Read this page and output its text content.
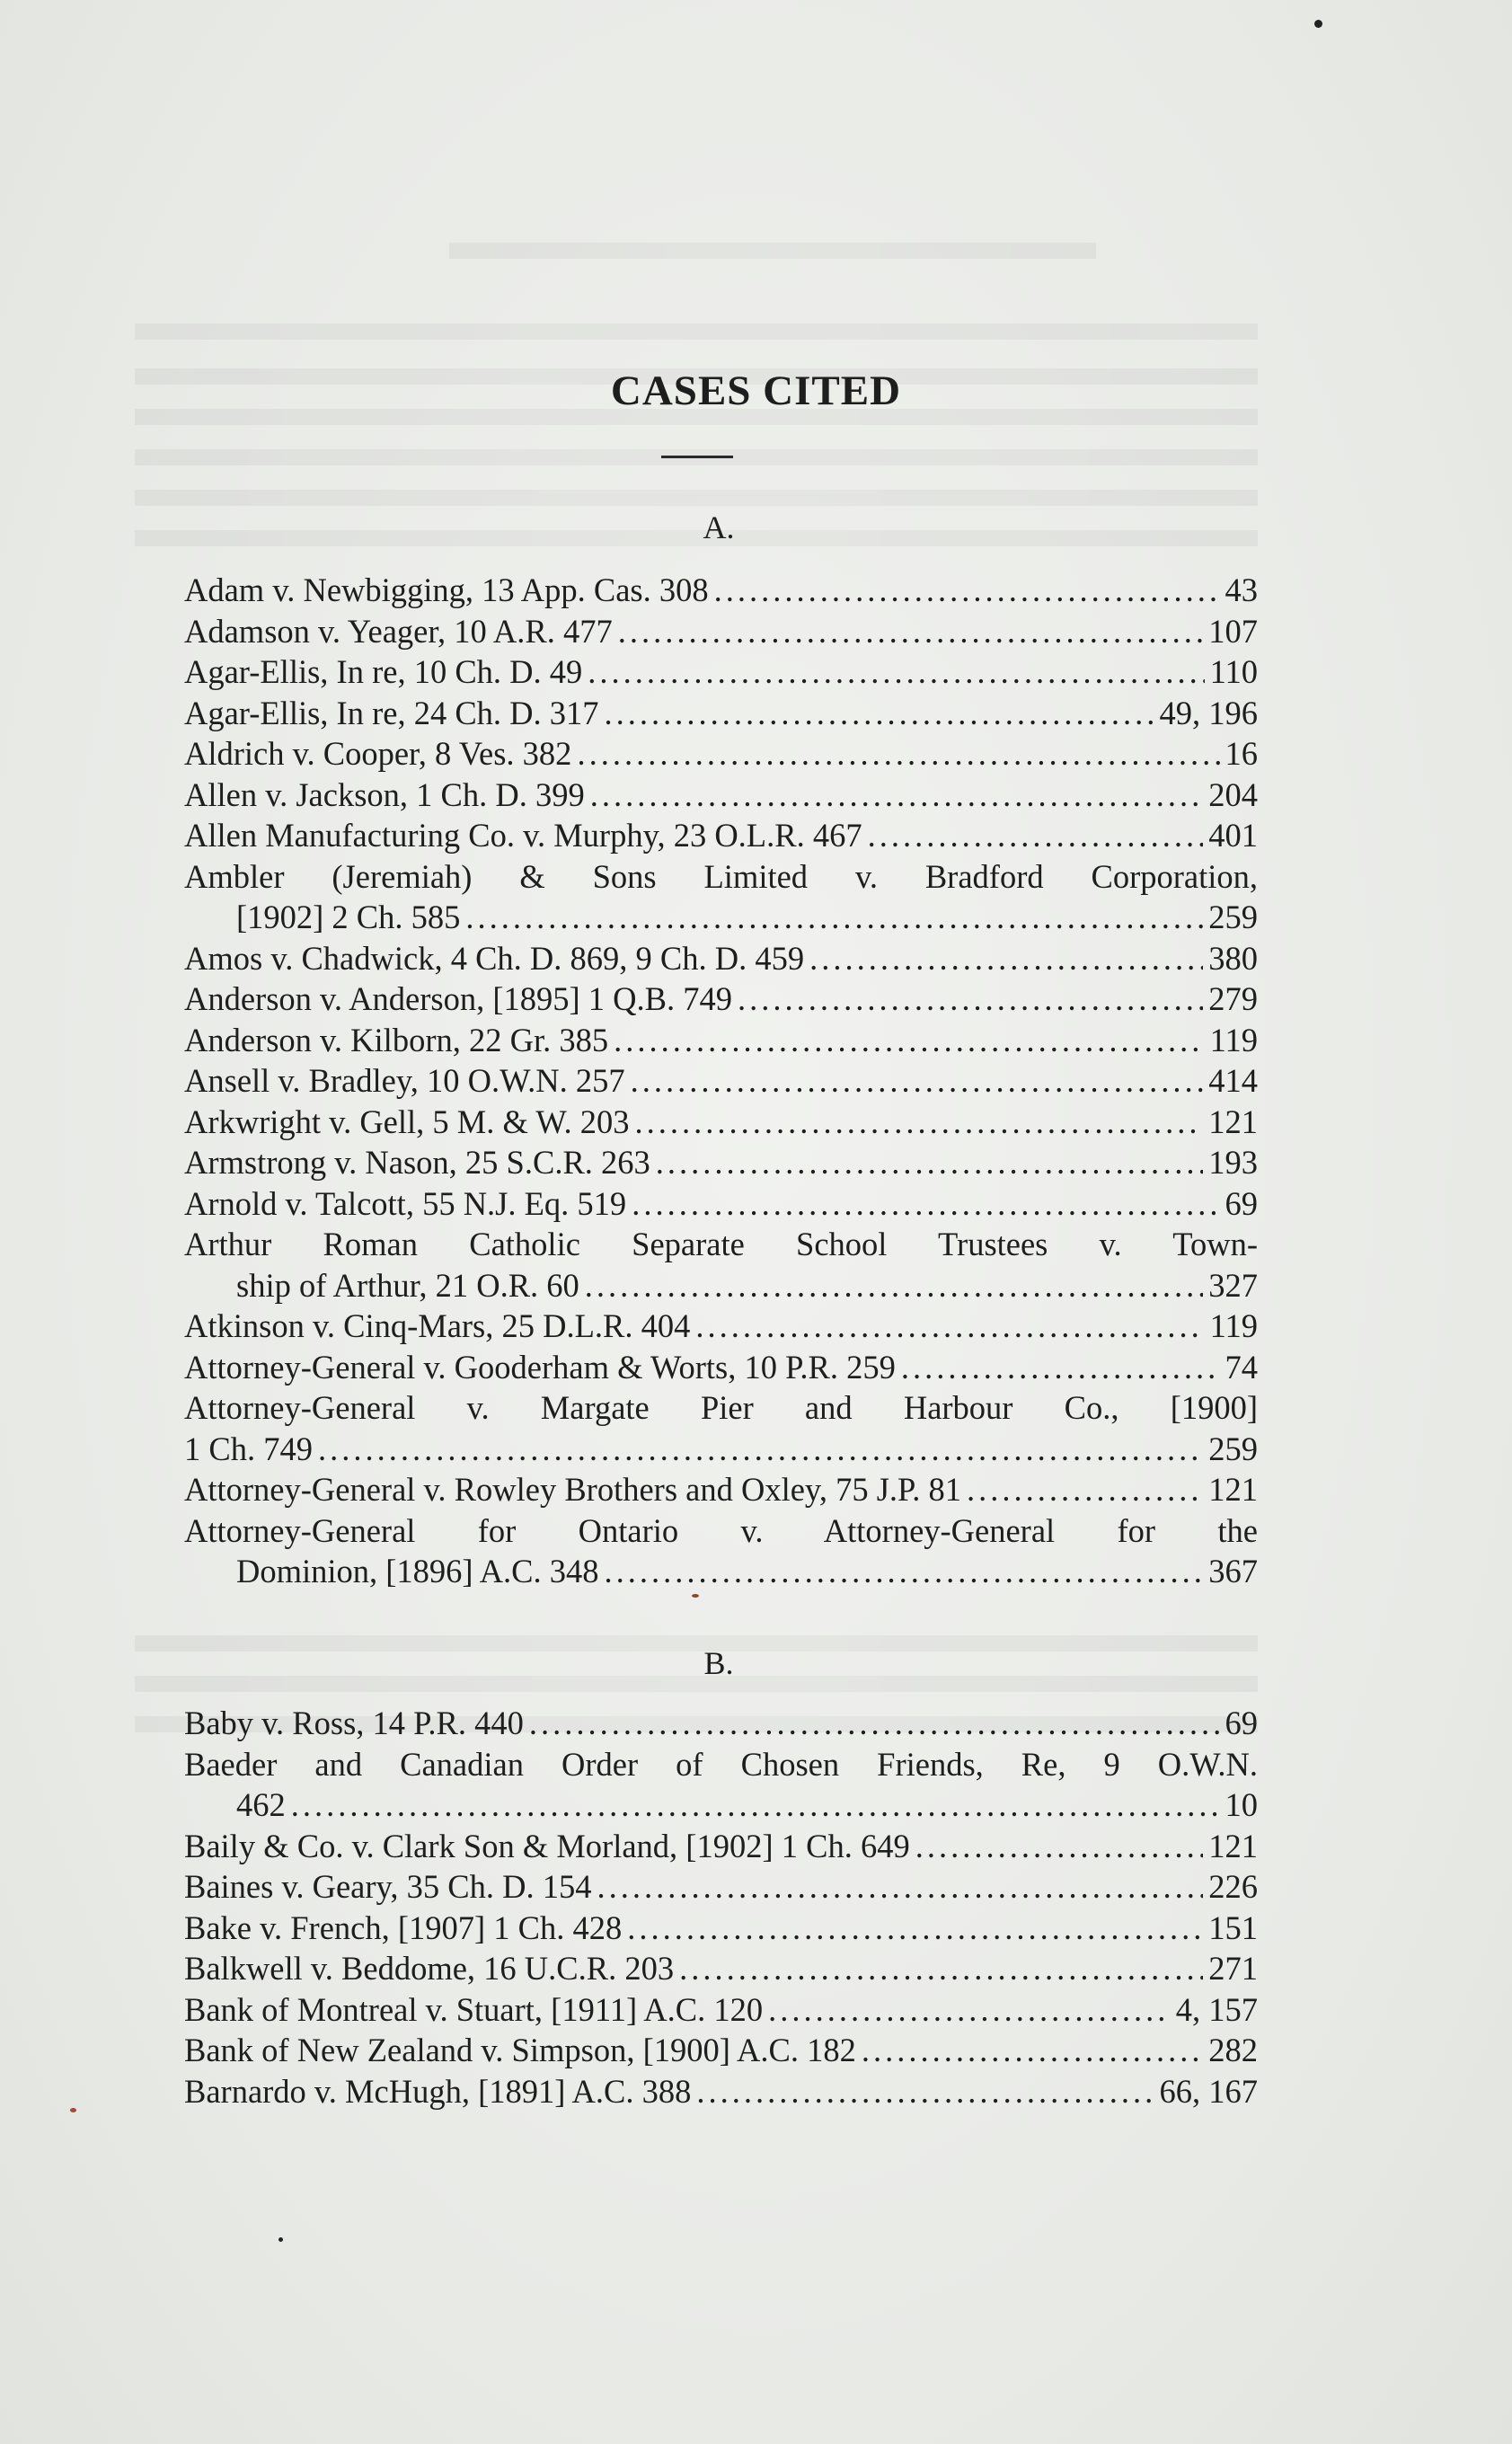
CASES CITED
A.
Adam v. Newbigging, 13 App. Cas. 308 .....	43
Adamson v. Yeager, 10 A.R. 477 .....	107
Agar-Ellis, In re, 10 Ch. D. 49 .....	110
Agar-Ellis, In re, 24 Ch. D. 317 .....	49, 196
Aldrich v. Cooper, 8 Ves. 382 .....	16
Allen v. Jackson, 1 Ch. D. 399 .....	204
Allen Manufacturing Co. v. Murphy, 23 O.L.R. 467 .....	401
Ambler (Jeremiah) & Sons Limited v. Bradford Corporation,
[1902] 2 Ch. 585 .....	259
Amos v. Chadwick, 4 Ch. D. 869, 9 Ch. D. 459 .....	380
Anderson v. Anderson, [1895] 1 Q.B. 749 .....	279
Anderson v. Kilborn, 22 Gr. 385 .....	119
Ansell v. Bradley, 10 O.W.N. 257 .....	414
Arkwright v. Gell, 5 M. & W. 203 .....	121
Armstrong v. Nason, 25 S.C.R. 263 .....	193
Arnold v. Talcott, 55 N.J. Eq. 519 .....	69
Arthur Roman Catholic Separate School Trustees v. Town-
ship of Arthur, 21 O.R. 60 .....	327
Atkinson v. Cinq-Mars, 25 D.L.R. 404 .....	119
Attorney-General v. Gooderham & Worts, 10 P.R. 259 .....	74
Attorney-General v. Margate Pier and Harbour Co., [1900]
1 Ch. 749 .....	259
Attorney-General v. Rowley Brothers and Oxley, 75 J.P. 81 .....	121
Attorney-General for Ontario v. Attorney-General for the
Dominion, [1896] A.C. 348 .....	367
B.
Baby v. Ross, 14 P.R. 440 .....	69
Baeder and Canadian Order of Chosen Friends, Re, 9 O.W.N.
462 .....	10
Baily & Co. v. Clark Son & Morland, [1902] 1 Ch. 649 .....	121
Baines v. Geary, 35 Ch. D. 154 .....	226
Bake v. French, [1907] 1 Ch. 428 .....	151
Balkwell v. Beddome, 16 U.C.R. 203 .....	271
Bank of Montreal v. Stuart, [1911] A.C. 120 .....	4, 157
Bank of New Zealand v. Simpson, [1900] A.C. 182 .....	282
Barnardo v. McHugh, [1891] A.C. 388 .....	66, 167
